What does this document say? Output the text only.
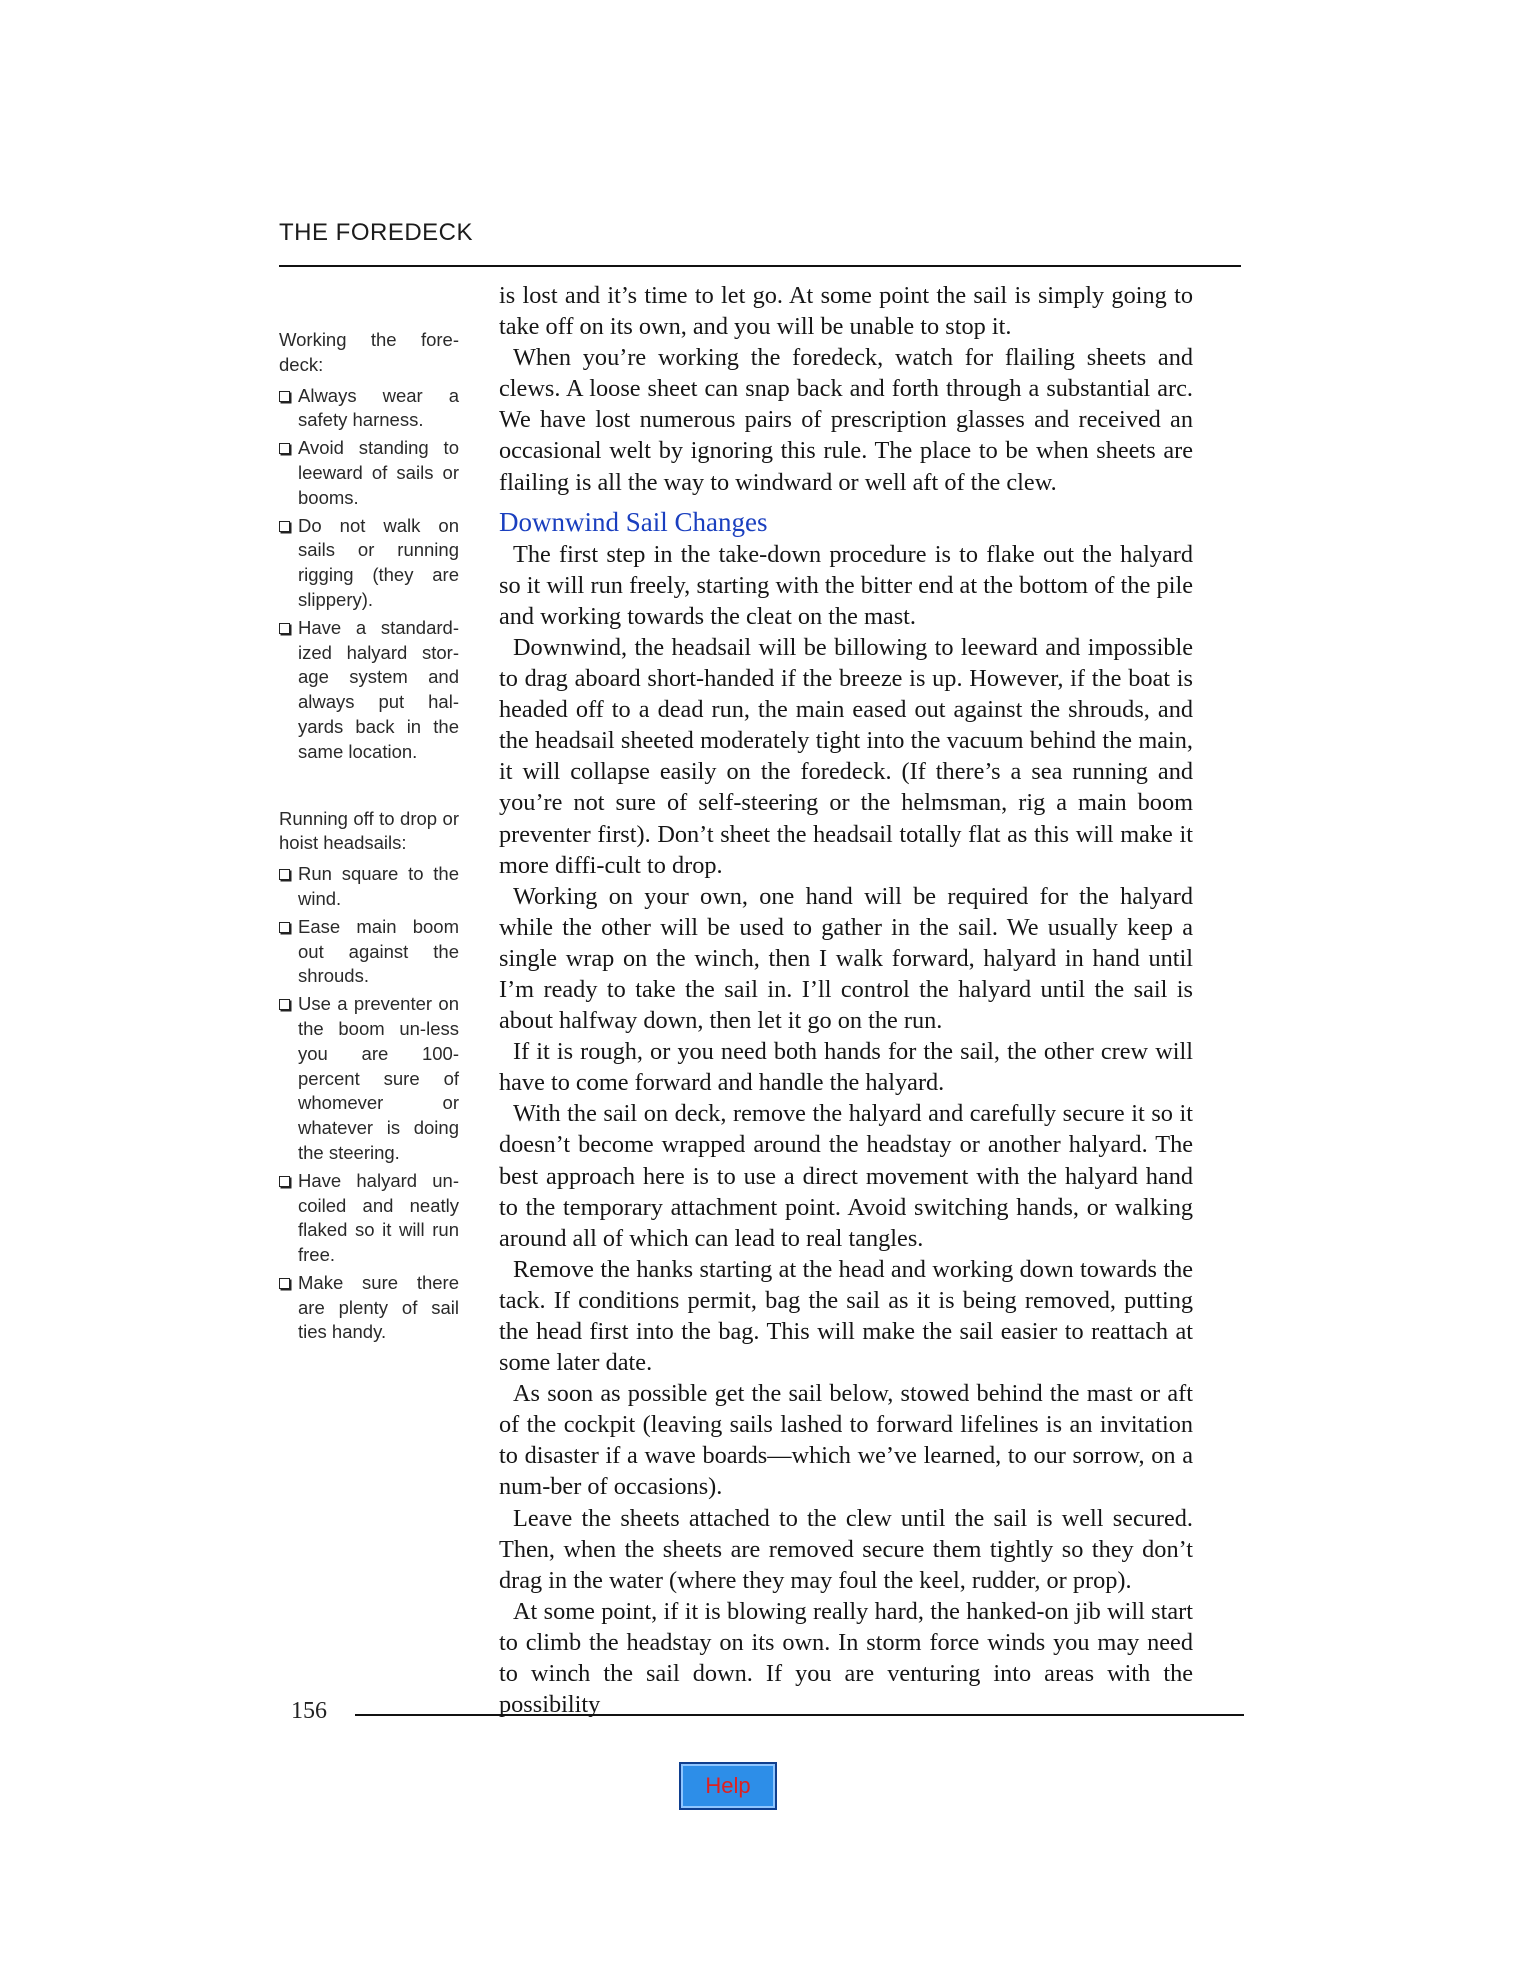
THE FOREDECK

Working the fore-deck:

Always wear a safety harness.
Avoid standing to leeward of sails or booms.
Do not walk on sails or running rigging (they are slippery).
Have a standard-ized halyard stor-age system and always put hal-yards back in the same location.

Running off to drop or hoist headsails:

Run square to the wind.
Ease main boom out against the shrouds.
Use a preventer on the boom un-less you are 100-percent sure of whomever or whatever is doing the steering.
Have halyard un-coiled and neatly flaked so it will run free.
Make sure there are plenty of sail ties handy.

is lost and it’s time to let go. At some point the sail is simply going to take off on its own, and you will be unable to stop it.

When you’re working the foredeck, watch for flailing sheets and clews. A loose sheet can snap back and forth through a substantial arc. We have lost numerous pairs of prescription glasses and received an occasional welt by ignoring this rule. The place to be when sheets are flailing is all the way to windward or well aft of the clew.

Downwind Sail Changes

The first step in the take-down procedure is to flake out the halyard so it will run freely, starting with the bitter end at the bottom of the pile and working towards the cleat on the mast.

Downwind, the headsail will be billowing to leeward and impossible to drag aboard short-handed if the breeze is up. However, if the boat is headed off to a dead run, the main eased out against the shrouds, and the headsail sheeted moderately tight into the vacuum behind the main, it will collapse easily on the foredeck. (If there’s a sea running and you’re not sure of self-steering or the helmsman, rig a main boom preventer first). Don’t sheet the headsail totally flat as this will make it more diffi-cult to drop.

Working on your own, one hand will be required for the halyard while the other will be used to gather in the sail. We usually keep a single wrap on the winch, then I walk forward, halyard in hand until I’m ready to take the sail in. I’ll control the halyard until the sail is about halfway down, then let it go on the run.

If it is rough, or you need both hands for the sail, the other crew will have to come forward and handle the halyard.

With the sail on deck, remove the halyard and carefully secure it so it doesn’t become wrapped around the headstay or another halyard. The best approach here is to use a direct movement with the halyard hand to the temporary attachment point. Avoid switching hands, or walking around all of which can lead to real tangles.

Remove the hanks starting at the head and working down towards the tack. If conditions permit, bag the sail as it is being removed, putting the head first into the bag. This will make the sail easier to reattach at some later date.

As soon as possible get the sail below, stowed behind the mast or aft of the cockpit (leaving sails lashed to forward lifelines is an invitation to disaster if a wave boards—which we’ve learned, to our sorrow, on a num-ber of occasions).

Leave the sheets attached to the clew until the sail is well secured. Then, when the sheets are removed secure them tightly so they don’t drag in the water (where they may foul the keel, rudder, or prop).

At some point, if it is blowing really hard, the hanked-on jib will start to climb the headstay on its own. In storm force winds you may need to winch the sail down. If you are venturing into areas with the possibility

156
Help
